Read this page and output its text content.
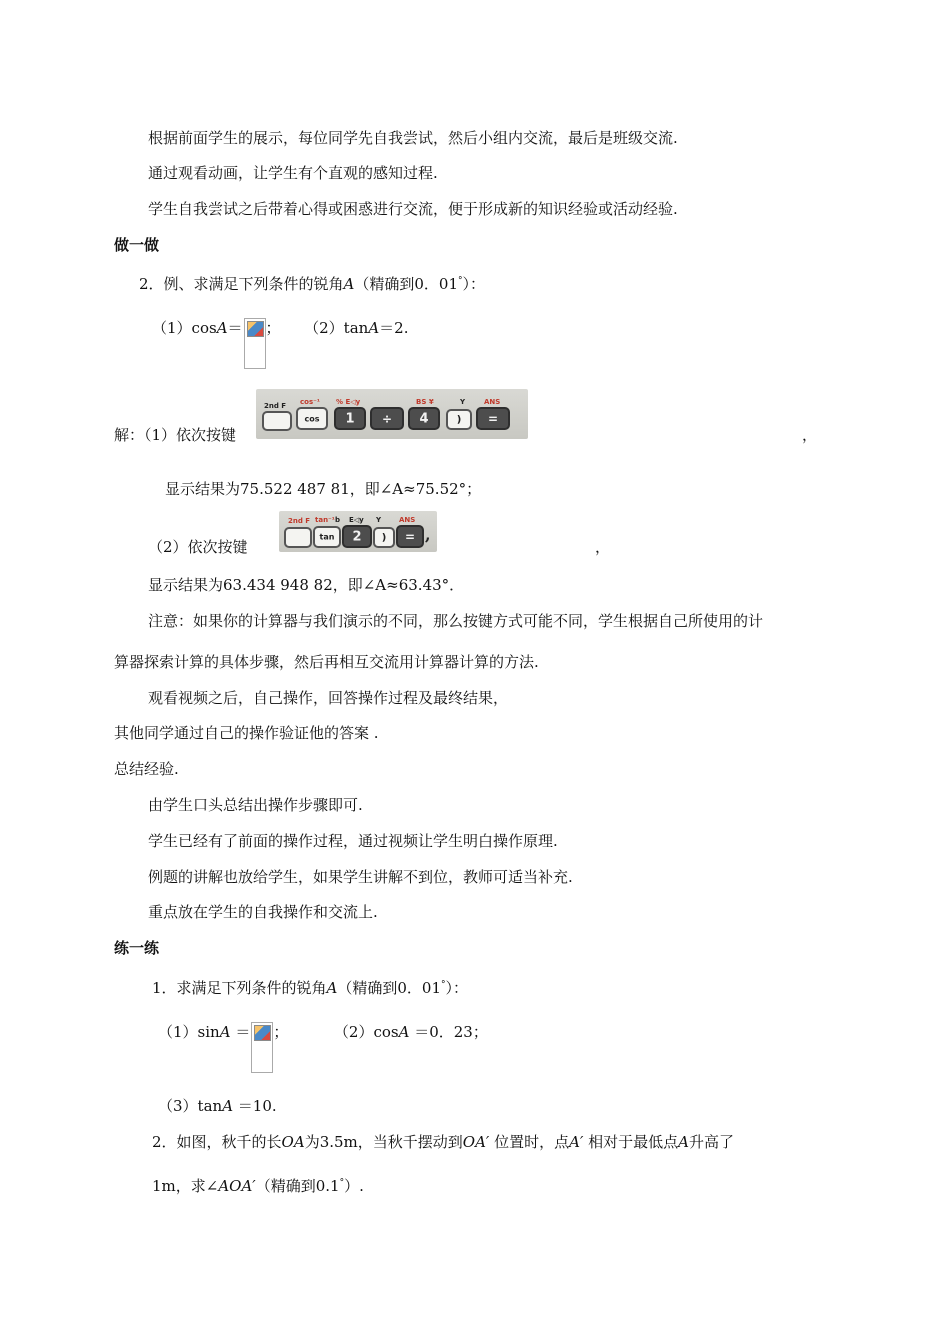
根据前面学生的展示，每位同学先自我尝试，然后小组内交流，最后是班级交流.
通过观看动画，让学生有个直观的感知过程.
学生自我尝试之后带着心得或困惑进行交流，便于形成新的知识经验或活动经验.
做一做
2．例、求满足下列条件的锐角A（精确到0．01°）：
（1）cosA＝ ； （2）tanA＝2.
解：（1）依次按键
2nd F cos⁻¹ % E◁y	BS ¥	Y	ANS
cos	1	÷	4	)	=
，
显示结果为75.522 487 81，即∠A≈75.52°；
（2）依次按键
2nd F tan⁻¹ b E◁y Y	ANS
tan	2	)	= ,
，
显示结果为63.434 948 82，即∠A≈63.43°．
注意：如果你的计算器与我们演示的不同，那么按键方式可能不同，学生根据自己所使用的计
算器探索计算的具体步骤，然后再相互交流用计算器计算的方法.
观看视频之后，自己操作，回答操作过程及最终结果，
其他同学通过自己的操作验证他的答案 .
总结经验.
由学生口头总结出操作步骤即可.
学生已经有了前面的操作过程，通过视频让学生明白操作原理.
例题的讲解也放给学生，如果学生讲解不到位，教师可适当补充.
重点放在学生的自我操作和交流上.
练一练
1．求满足下列条件的锐角A（精确到0．01°）：
（1）sinA ＝ ；	（2）cosA ＝0．23；
（3）tanA ＝10.
2．如图，秋千的长OA为3.5m，当秋千摆动到OA′ 位置时，点A′ 相对于最低点A升高了
1m，求∠AOA′（精确到0.1°）.
